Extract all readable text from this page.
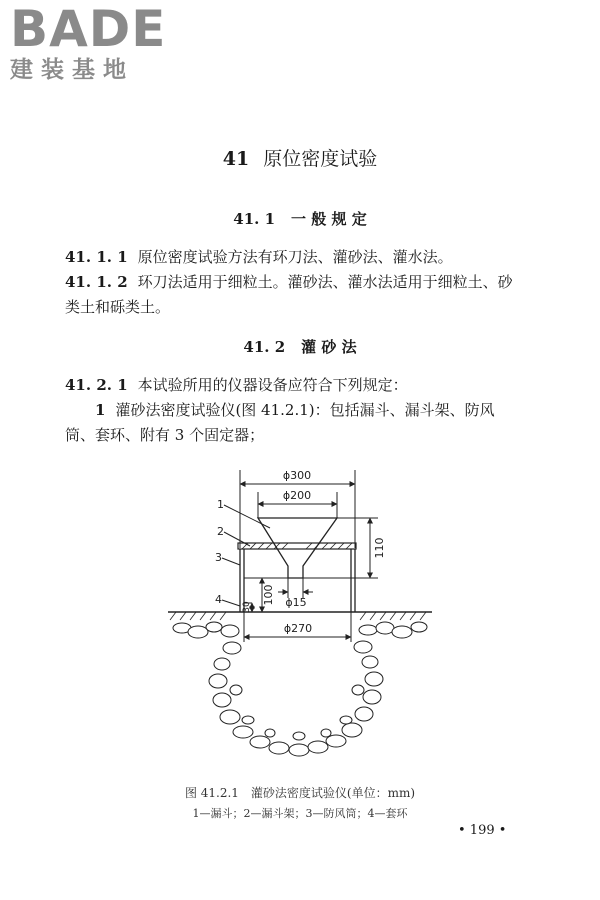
BADE
建装基地
41 原位密度试验
41. 1 一 般 规 定
41. 1. 1 原位密度试验方法有环刀法、灌砂法、灌水法。
41. 1. 2 环刀法适用于细粒土。灌砂法、灌水法适用于细粒土、砂
类土和砾类土。
41. 2 灌 砂 法
41. 2. 1 本试验所用的仪器设备应符合下列规定：
1 灌砂法密度试验仪(图 41.2.1)：包括漏斗、漏斗架、防风
筒、套环、附有 3 个固定器；
ϕ300
ϕ200
110
100
30	ϕ15
ϕ270
1
2
3
4
图 41.2.1 灌砂法密度试验仪(单位：mm)
1—漏斗；2—漏斗架；3—防风筒；4—套环
• 199 •
